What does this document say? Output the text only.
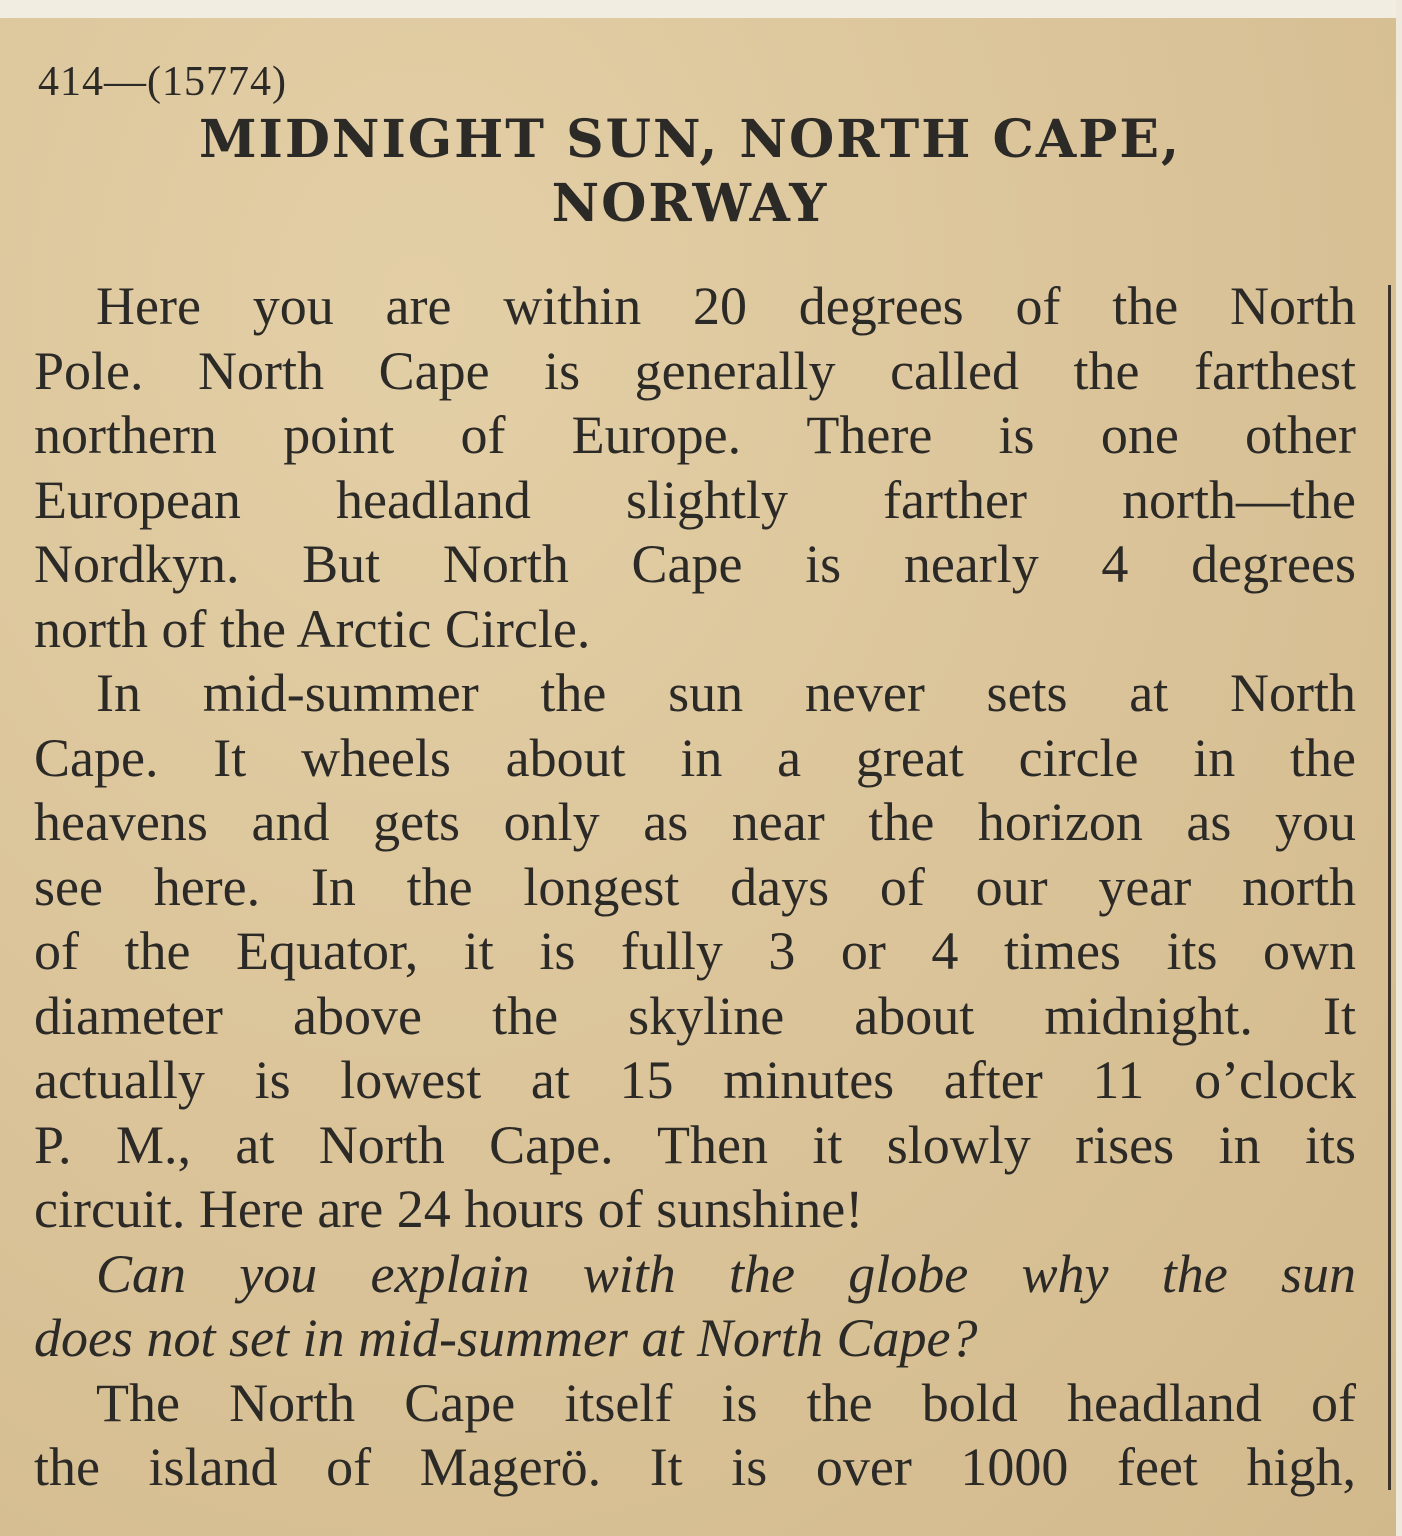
414—(15774)
MIDNIGHT SUN, NORTH CAPE,
NORWAY
Here you are within 20 degrees of the North
Pole. North Cape is generally called the farthest
northern point of Europe. There is one other
European headland slightly farther north—the
Nordkyn. But North Cape is nearly 4 degrees
north of the Arctic Circle.
In mid-summer the sun never sets at North
Cape. It wheels about in a great circle in the
heavens and gets only as near the horizon as you
see here. In the longest days of our year north
of the Equator, it is fully 3 or 4 times its own
diameter above the skyline about midnight. It
actually is lowest at 15 minutes after 11 o’clock
P. M., at North Cape. Then it slowly rises in its
circuit. Here are 24 hours of sunshine!
Can you explain with the globe why the sun
does not set in mid-summer at North Cape?
The North Cape itself is the bold headland of
the island of Magerö. It is over 1000 feet high,
